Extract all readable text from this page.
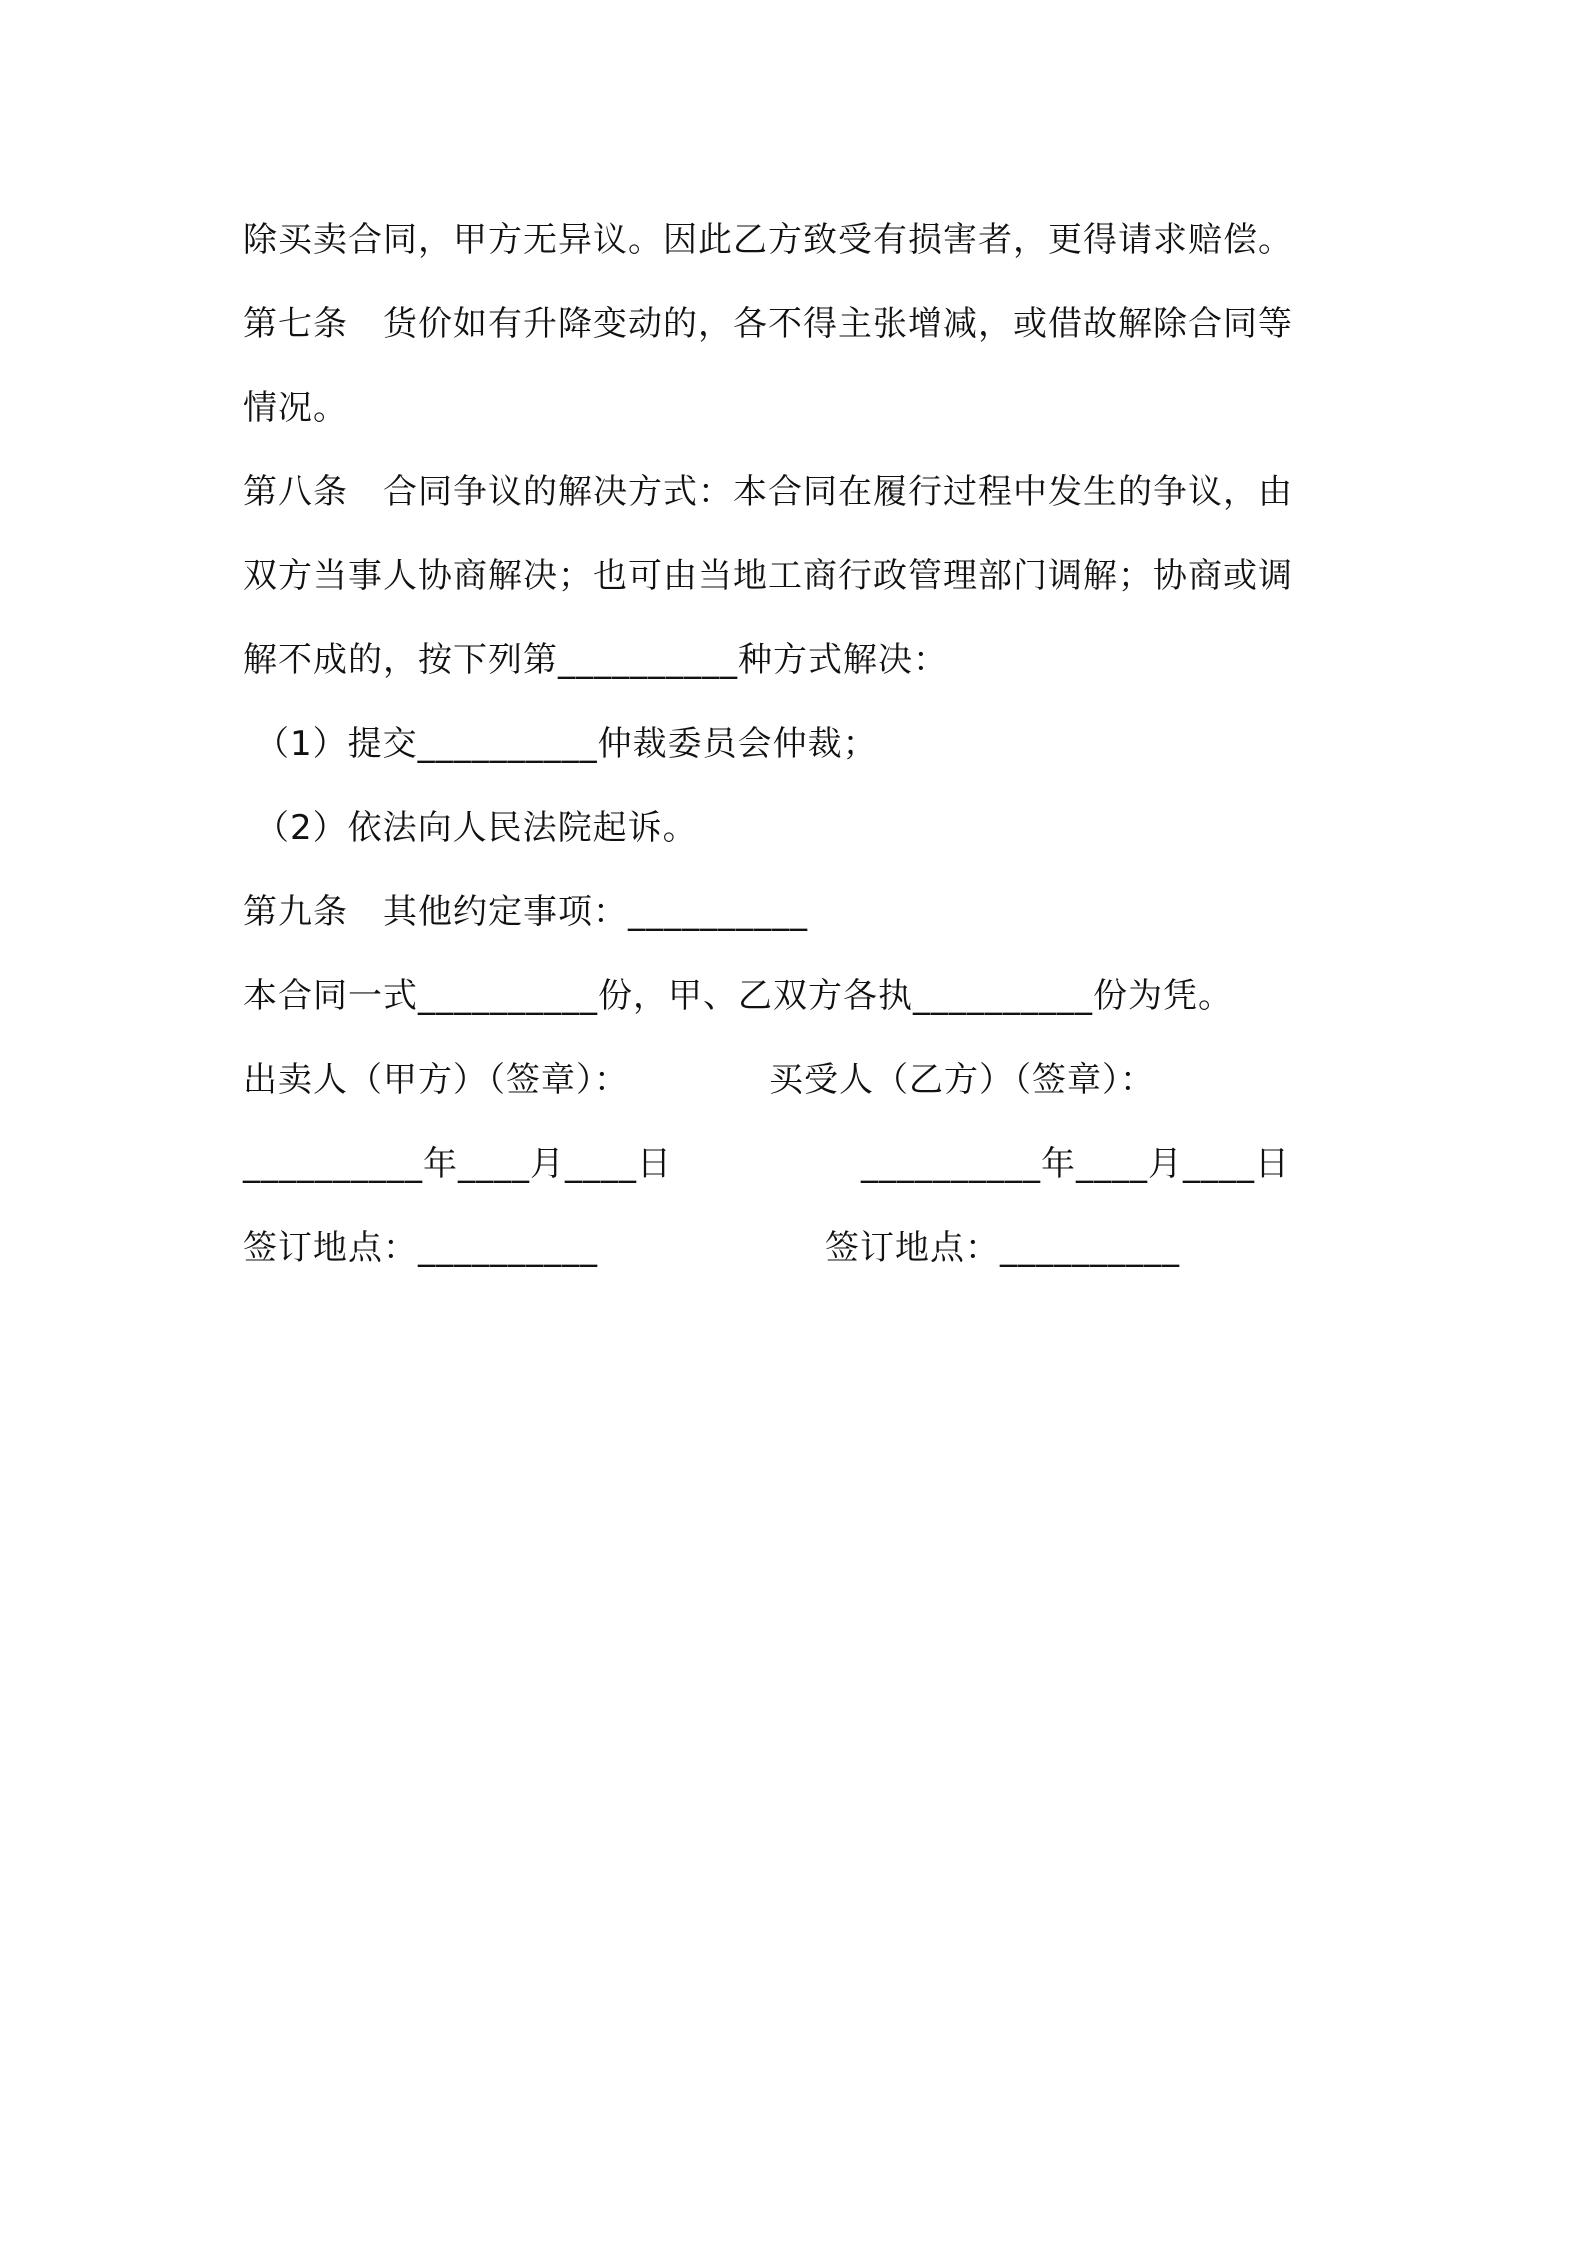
除买卖合同，甲方无异议。因此乙方致受有损害者，更得请求赔偿。
第七条　货价如有升降变动的，各不得主张增减，或借故解除合同等
情况。
第八条　合同争议的解决方式：本合同在履行过程中发生的争议，由
双方当事人协商解决；也可由当地工商行政管理部门调解；协商或调
解不成的，按下列第__________种方式解决：
（1）提交__________仲裁委员会仲裁；
（2）依法向人民法院起诉。
第九条　其他约定事项：__________
本合同一式__________份，甲、乙双方各执__________份为凭。
出卖人（甲方）（签章）：	买受人（乙方）（签章）：
__________年____月____日	__________年____月____日
签订地点：__________	签订地点：__________
